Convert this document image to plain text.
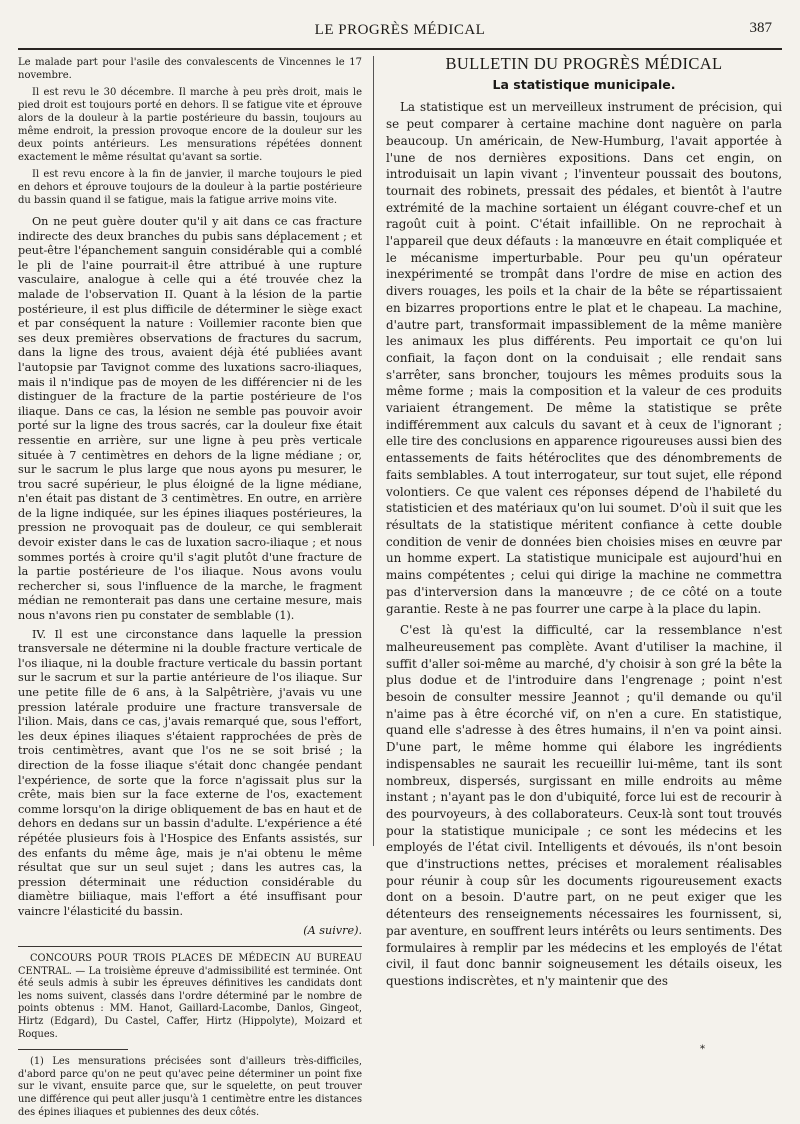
LE PROGRÈS MÉDICAL	387

Le malade part pour l'asile des convalescents de Vincennes le 17 novembre.

Il est revu le 30 décembre. Il marche à peu près droit, mais le pied droit est toujours porté en dehors. Il se fatigue vite et éprouve alors de la douleur à la partie postérieure du bassin, toujours au même endroit, la pression provoque encore de la douleur sur les deux points antérieurs. Les mensurations répétées donnent exactement le même résultat qu'avant sa sortie.

Il est revu encore à la fin de janvier, il marche toujours le pied en dehors et éprouve toujours de la douleur à la partie postérieure du bassin quand il se fatigue, mais la fatigue arrive moins vite.

On ne peut guère douter qu'il y ait dans ce cas fracture indirecte des deux branches du pubis sans déplacement ; et peut-être l'épanchement sanguin considérable qui a comblé le pli de l'aine pourrait-il être attribué à une rupture vasculaire, analogue à celle qui a été trouvée chez la malade de l'observation II. Quant à la lésion de la partie postérieure, il est plus difficile de déterminer le siège exact et par conséquent la nature : Voillemier raconte bien que ses deux premières observations de fractures du sacrum, dans la ligne des trous, avaient déjà été publiées avant l'autopsie par Tavignot comme des luxations sacro-iliaques, mais il n'indique pas de moyen de les différencier ni de les distinguer de la fracture de la partie postérieure de l'os iliaque. Dans ce cas, la lésion ne semble pas pouvoir avoir porté sur la ligne des trous sacrés, car la douleur fixe était ressentie en arrière, sur une ligne à peu près verticale située à 7 centimètres en dehors de la ligne médiane ; or, sur le sacrum le plus large que nous ayons pu mesurer, le trou sacré supérieur, le plus éloigné de la ligne médiane, n'en était pas distant de 3 centimètres. En outre, en arrière de la ligne indiquée, sur les épines iliaques postérieures, la pression ne provoquait pas de douleur, ce qui semblerait devoir exister dans le cas de luxation sacro-iliaque ; et nous sommes portés à croire qu'il s'agit plutôt d'une fracture de la partie postérieure de l'os iliaque. Nous avons voulu rechercher si, sous l'influence de la marche, le fragment médian ne remonterait pas dans une certaine mesure, mais nous n'avons rien pu constater de semblable (1).

IV. Il est une circonstance dans laquelle la pression transversale ne détermine ni la double fracture verticale de l'os iliaque, ni la double fracture verticale du bassin portant sur le sacrum et sur la partie antérieure de l'os iliaque. Sur une petite fille de 6 ans, à la Salpêtrière, j'avais vu une pression latérale produire une fracture transversale de l'ilion. Mais, dans ce cas, j'avais remarqué que, sous l'effort, les deux épines iliaques s'étaient rapprochées de près de trois centimètres, avant que l'os ne se soit brisé ; la direction de la fosse iliaque s'était donc changée pendant l'expérience, de sorte que la force n'agissait plus sur la crête, mais bien sur la face externe de l'os, exactement comme lorsqu'on la dirige obliquement de bas en haut et de dehors en dedans sur un bassin d'adulte. L'expérience a été répétée plusieurs fois à l'Hospice des Enfants assistés, sur des enfants du même âge, mais je n'ai obtenu le même résultat que sur un seul sujet ; dans les autres cas, la pression déterminait une réduction considérable du diamètre biiliaque, mais l'effort a été insuffisant pour vaincre l'élasticité du bassin.

(A suivre).

CONCOURS POUR TROIS PLACES DE MÉDECIN AU BUREAU CENTRAL. — La troisième épreuve d'admissibilité est terminée. Ont été seuls admis à subir les épreuves définitives les candidats dont les noms suivent, classés dans l'ordre déterminé par le nombre de points obtenus : MM. Hanot, Gaillard-Lacombe, Danlos, Gingeot, Hirtz (Edgard), Du Castel, Caffer, Hirtz (Hippolyte), Moizard et Roques.

(1) Les mensurations précisées sont d'ailleurs très-difficiles, d'abord parce qu'on ne peut qu'avec peine déterminer un point fixe sur le vivant, ensuite parce que, sur le squelette, on peut trouver une différence qui peut aller jusqu'à 1 centimètre entre les distances des épines iliaques et pubiennes des deux côtés.

BULLETIN DU PROGRÈS MÉDICAL
La statistique municipale.

La statistique est un merveilleux instrument de précision, qui se peut comparer à certaine machine dont naguère on parla beaucoup. Un américain, de New-Humburg, l'avait apportée à l'une de nos dernières expositions. Dans cet engin, on introduisait un lapin vivant ; l'inventeur poussait des boutons, tournait des robinets, pressait des pédales, et bientôt à l'autre extrémité de la machine sortaient un élégant couvre-chef et un ragoût cuit à point. C'était infaillible. On ne reprochait à l'appareil que deux défauts : la manœuvre en était compliquée et le mécanisme imperturbable. Pour peu qu'un opérateur inexpérimenté se trompât dans l'ordre de mise en action des divers rouages, les poils et la chair de la bête se répartissaient en bizarres proportions entre le plat et le chapeau. La machine, d'autre part, transformait impassiblement de la même manière les animaux les plus différents. Peu importait ce qu'on lui confiait, la façon dont on la conduisait ; elle rendait sans s'arrêter, sans broncher, toujours les mêmes produits sous la même forme ; mais la composition et la valeur de ces produits variaient étrangement. De même la statistique se prête indifféremment aux calculs du savant et à ceux de l'ignorant ; elle tire des conclusions en apparence rigoureuses aussi bien des entassements de faits hétéroclites que des dénombrements de faits semblables. A tout interrogateur, sur tout sujet, elle répond volontiers. Ce que valent ces réponses dépend de l'habileté du statisticien et des matériaux qu'on lui soumet. D'où il suit que les résultats de la statistique méritent confiance à cette double condition de venir de données bien choisies mises en œuvre par un homme expert. La statistique municipale est aujourd'hui en mains compétentes ; celui qui dirige la machine ne commettra pas d'interversion dans la manœuvre ; de ce côté on a toute garantie. Reste à ne pas fourrer une carpe à la place du lapin.

C'est là qu'est la difficulté, car la ressemblance n'est malheureusement pas complète. Avant d'utiliser la machine, il suffit d'aller soi-même au marché, d'y choisir à son gré la bête la plus dodue et de l'introduire dans l'engrenage ; point n'est besoin de consulter messire Jeannot ; qu'il demande ou qu'il n'aime pas à être écorché vif, on n'en a cure. En statistique, quand elle s'adresse à des êtres humains, il n'en va point ainsi. D'une part, le même homme qui élabore les ingrédients indispensables ne saurait les recueillir lui-même, tant ils sont nombreux, dispersés, surgissant en mille endroits au même instant ; n'ayant pas le don d'ubiquité, force lui est de recourir à des pourvoyeurs, à des collaborateurs. Ceux-là sont tout trouvés pour la statistique municipale ; ce sont les médecins et les employés de l'état civil. Intelligents et dévoués, ils n'ont besoin que d'instructions nettes, précises et moralement réalisables pour réunir à coup sûr les documents rigoureusement exacts dont on a besoin. D'autre part, on ne peut exiger que les détenteurs des renseignements nécessaires les fournissent, si, par aventure, en souffrent leurs intérêts ou leurs sentiments. Des formulaires à remplir par les médecins et les employés de l'état civil, il faut donc bannir soigneusement les détails oiseux, les questions indiscrètes, et n'y maintenir que des

*
